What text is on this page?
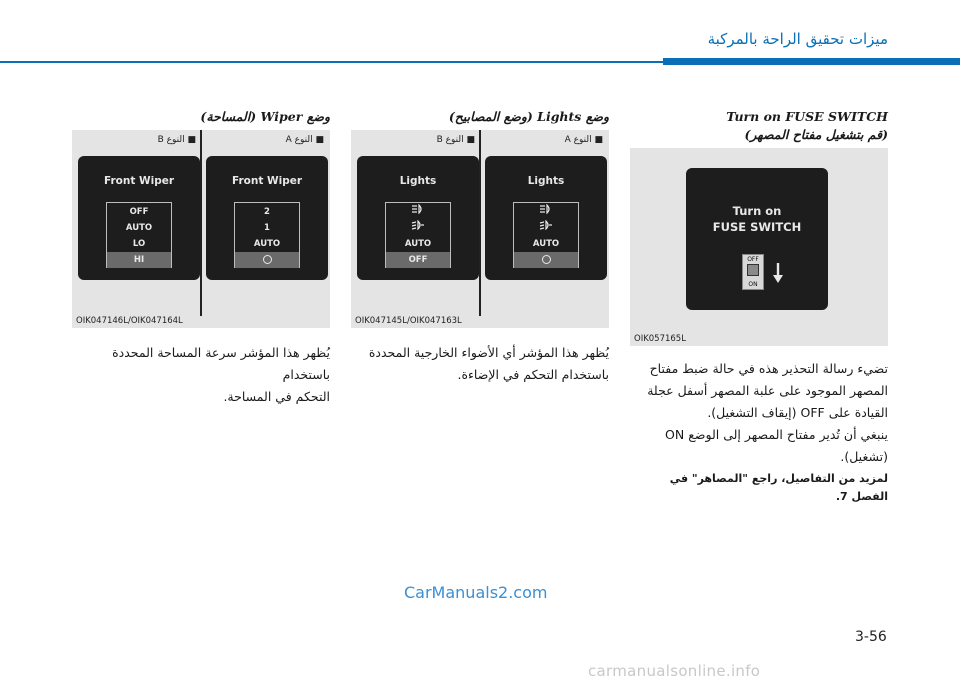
ميزات تحقيق الراحة بالمركبة
وضع Wiper (المساحة)
■ النوع A
■ النوع B
Front Wiper
OFF
AUTO
LO
HI
Front Wiper
2
1
AUTO
OIK047146L/OIK047164L
يُظهر هذا المؤشر سرعة المساحة المحددة باستخدام
التحكم في المساحة.
وضع Lights (وضع المصابيح)
■ النوع A
■ النوع B
Lights
AUTO
OFF
Lights
AUTO
OIK047145L/OIK047163L
يُظهر هذا المؤشر أي الأضواء الخارجية المحددة
باستخدام التحكم في الإضاءة.
Turn on FUSE SWITCH
(قم بتشغيل مفتاح المصهر)
Turn on
FUSE SWITCH
OFF
ON
OIK057165L
تضيء رسالة التحذير هذه في حالة ضبط مفتاح
المصهر الموجود على علبة المصهر أسفل عجلة
القيادة على OFF (إيقاف التشغيل).
ينبغي أن تُدير مفتاح المصهر إلى الوضع ON
(تشغيل).
لمزيد من التفاصيل، راجع "المصاهر" في الفصل 7.
CarManuals2.com
3-56
carmanualsonline.info
